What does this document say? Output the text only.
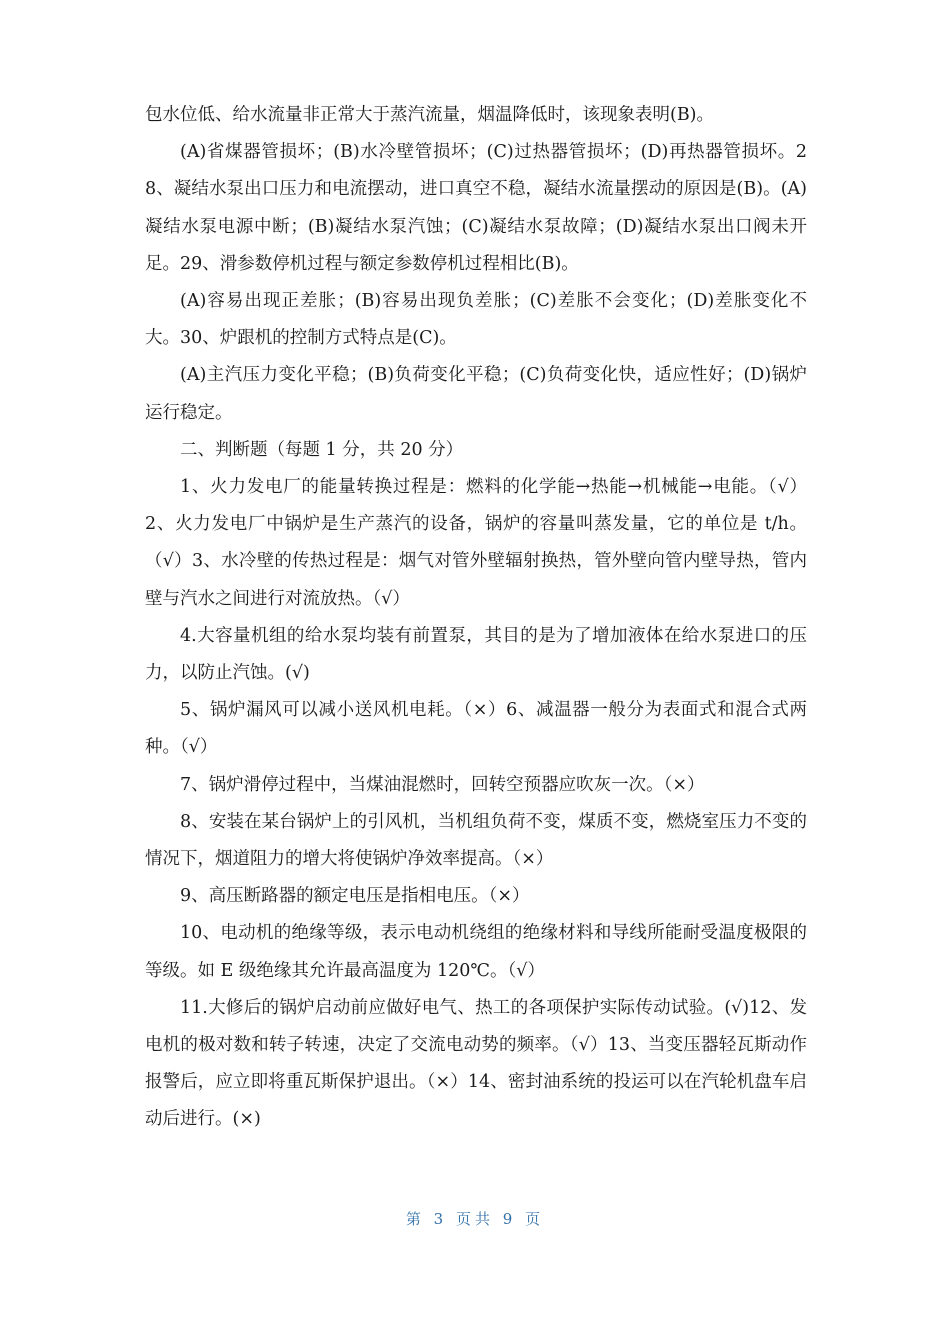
包水位低、给水流量非正常大于蒸汽流量，烟温降低时，该现象表明(B)。

(A)省煤器管损坏；(B)水冷壁管损坏；(C)过热器管损坏；(D)再热器管损坏。28、凝结水泵出口压力和电流摆动，进口真空不稳，凝结水流量摆动的原因是(B)。(A)凝结水泵电源中断；(B)凝结水泵汽蚀；(C)凝结水泵故障；(D)凝结水泵出口阀未开足。29、滑参数停机过程与额定参数停机过程相比(B)。

(A)容易出现正差胀；(B)容易出现负差胀；(C)差胀不会变化；(D)差胀变化不大。30、炉跟机的控制方式特点是(C)。

(A)主汽压力变化平稳；(B)负荷变化平稳；(C)负荷变化快，适应性好；(D)锅炉运行稳定。

二、判断题（每题 1 分，共 20 分）

1、火力发电厂的能量转换过程是：燃料的化学能→热能→机械能→电能。（√）2、火力发电厂中锅炉是生产蒸汽的设备，锅炉的容量叫蒸发量，它的单位是 t/h。（√）3、水冷壁的传热过程是：烟气对管外壁辐射换热，管外壁向管内壁导热，管内壁与汽水之间进行对流放热。（√）

4.大容量机组的给水泵均装有前置泵，其目的是为了增加液体在给水泵进口的压力，以防止汽蚀。(√)

5、锅炉漏风可以减小送风机电耗。（×）6、减温器一般分为表面式和混合式两种。（√）

7、锅炉滑停过程中，当煤油混燃时，回转空预器应吹灰一次。（×）

8、安装在某台锅炉上的引风机，当机组负荷不变，煤质不变，燃烧室压力不变的情况下，烟道阻力的增大将使锅炉净效率提高。（×）

9、高压断路器的额定电压是指相电压。（×）

10、电动机的绝缘等级，表示电动机绕组的绝缘材料和导线所能耐受温度极限的等级。如 E 级绝缘其允许最高温度为 120℃。（√）

11.大修后的锅炉启动前应做好电气、热工的各项保护实际传动试验。(√)12、发电机的极对数和转子转速，决定了交流电动势的频率。（√）13、当变压器轻瓦斯动作报警后，应立即将重瓦斯保护退出。（×）14、密封油系统的投运可以在汽轮机盘车启动后进行。(×)

第 3 页共 9 页
